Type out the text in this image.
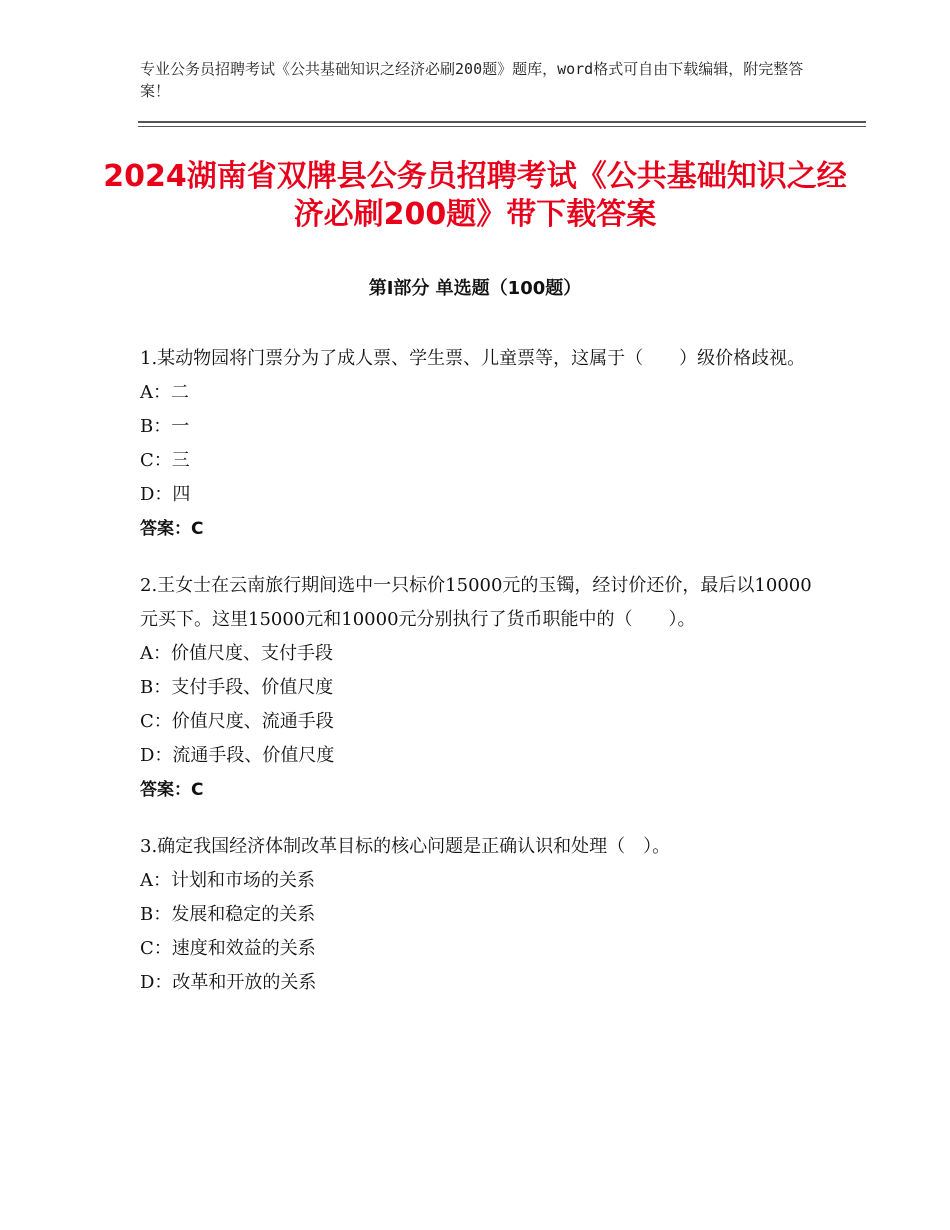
专业公务员招聘考试《公共基础知识之经济必刷200题》题库，word格式可自由下载编辑，附完整答案！
2024湖南省双牌县公务员招聘考试《公共基础知识之经济必刷200题》带下载答案
第Ⅰ部分 单选题（100题）

1.某动物园将门票分为了成人票、学生票、儿童票等，这属于（　　）级价格歧视。

A：二

B：一

C：三

D：四

答案：C

2.王女士在云南旅行期间选中一只标价15000元的玉镯，经讨价还价，最后以10000元买下。这里15000元和10000元分别执行了货币职能中的（　　）。

A：价值尺度、支付手段

B：支付手段、价值尺度

C：价值尺度、流通手段

D：流通手段、价值尺度

答案：C

3.确定我国经济体制改革目标的核心问题是正确认识和处理（　）。

A：计划和市场的关系

B：发展和稳定的关系

C：速度和效益的关系

D：改革和开放的关系
